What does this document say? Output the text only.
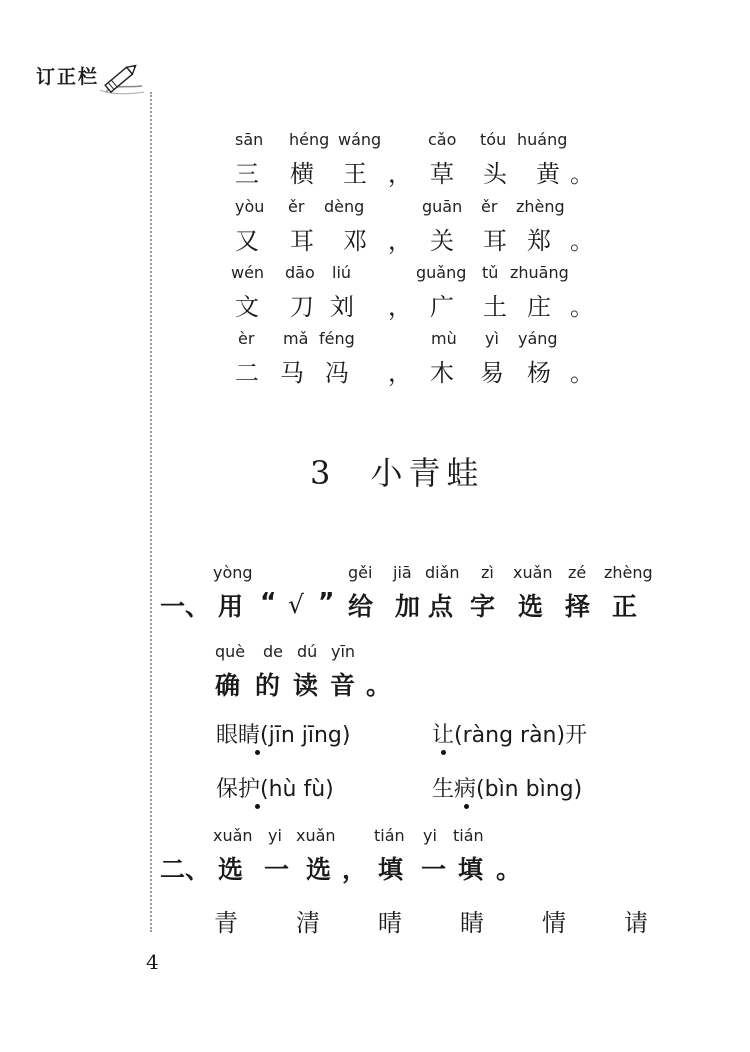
订正栏
sān héng wáng	cǎo tóu huáng
三 横 王 ， 草 头 黄 。
yòu ěr dèng	guān ěr zhèng
又 耳 邓 ， 关 耳 郑 。
wén dāo liú	guǎng tǔ zhuāng
文 刀 刘 ， 广 土 庄 。
èr mǎ féng	mù yì yáng
二 马 冯 ， 木 易 杨 。
3 小青蛙
yòng	gěi jiā diǎn zì xuǎn zé zhèng
一、 用 “ √ ” 给 加 点 字 选 择 正
què de dú yīn
确 的 读 音 。
眼睛(jīn jīng)	让(ràng ràn)开
保护(hù fù)	生病(bìn bìng)
xuǎn yi xuǎn tián yi tián
二、 选 一 选 ， 填 一 填 。
青 清 晴 睛 情 请
4
